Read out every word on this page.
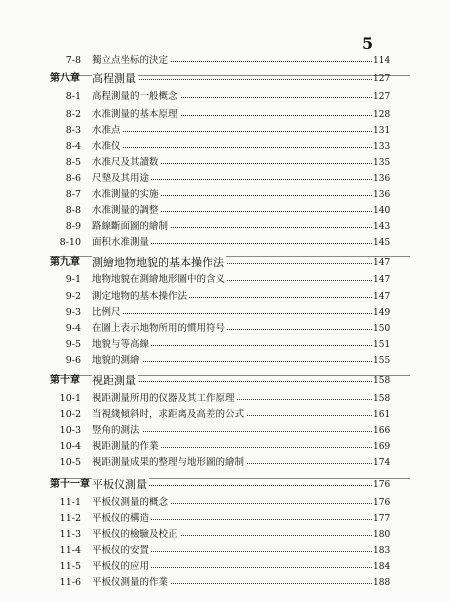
5
7-8 獨立点坐标的決定	114
第八章 高程測量	127
8-1 高程測量的一般概念	127
8-2 水准測量的基本原理	128
8-3 水准点	131
8-4 水准仪	133
8-5 水准尺及其讀数	135
8-6 尺墊及其用途	136
8-7 水准測量的实施	136
8-8 水准測量的調整	140
8-9 路線斷面圖的繪制	143
8-10 面积水准測量	145
第九章 測繪地物地貌的基本操作法	147
9-1 地物地貌在測繪地形圖中的含义	147
9-2 測定地物的基本操作法	147
9-3 比例尺	149
9-4 在圖上表示地物所用的慣用符号	150
9-5 地貌与等高線	151
9-6 地貌的測繪	155
第十章 視距測量	158
10-1 視距測量所用的仪器及其工作原理	158
10-2 当視綫傾斜时，求距离及高差的公式	161
10-3 竪角的測法	166
10-4 視距測量的作業	169
10-5 視距測量成果的整理与地形圖的繪制	174
第十一章 平板仪測量	176
11-1 平板仪測量的概念	176
11-2 平板仪的構造	177
11-3 平板仪的檢驗及校正	180
11-4 平板仪的安置	183
11-5 平板仪的应用	184
11-6 平板仪測量的作業	188
